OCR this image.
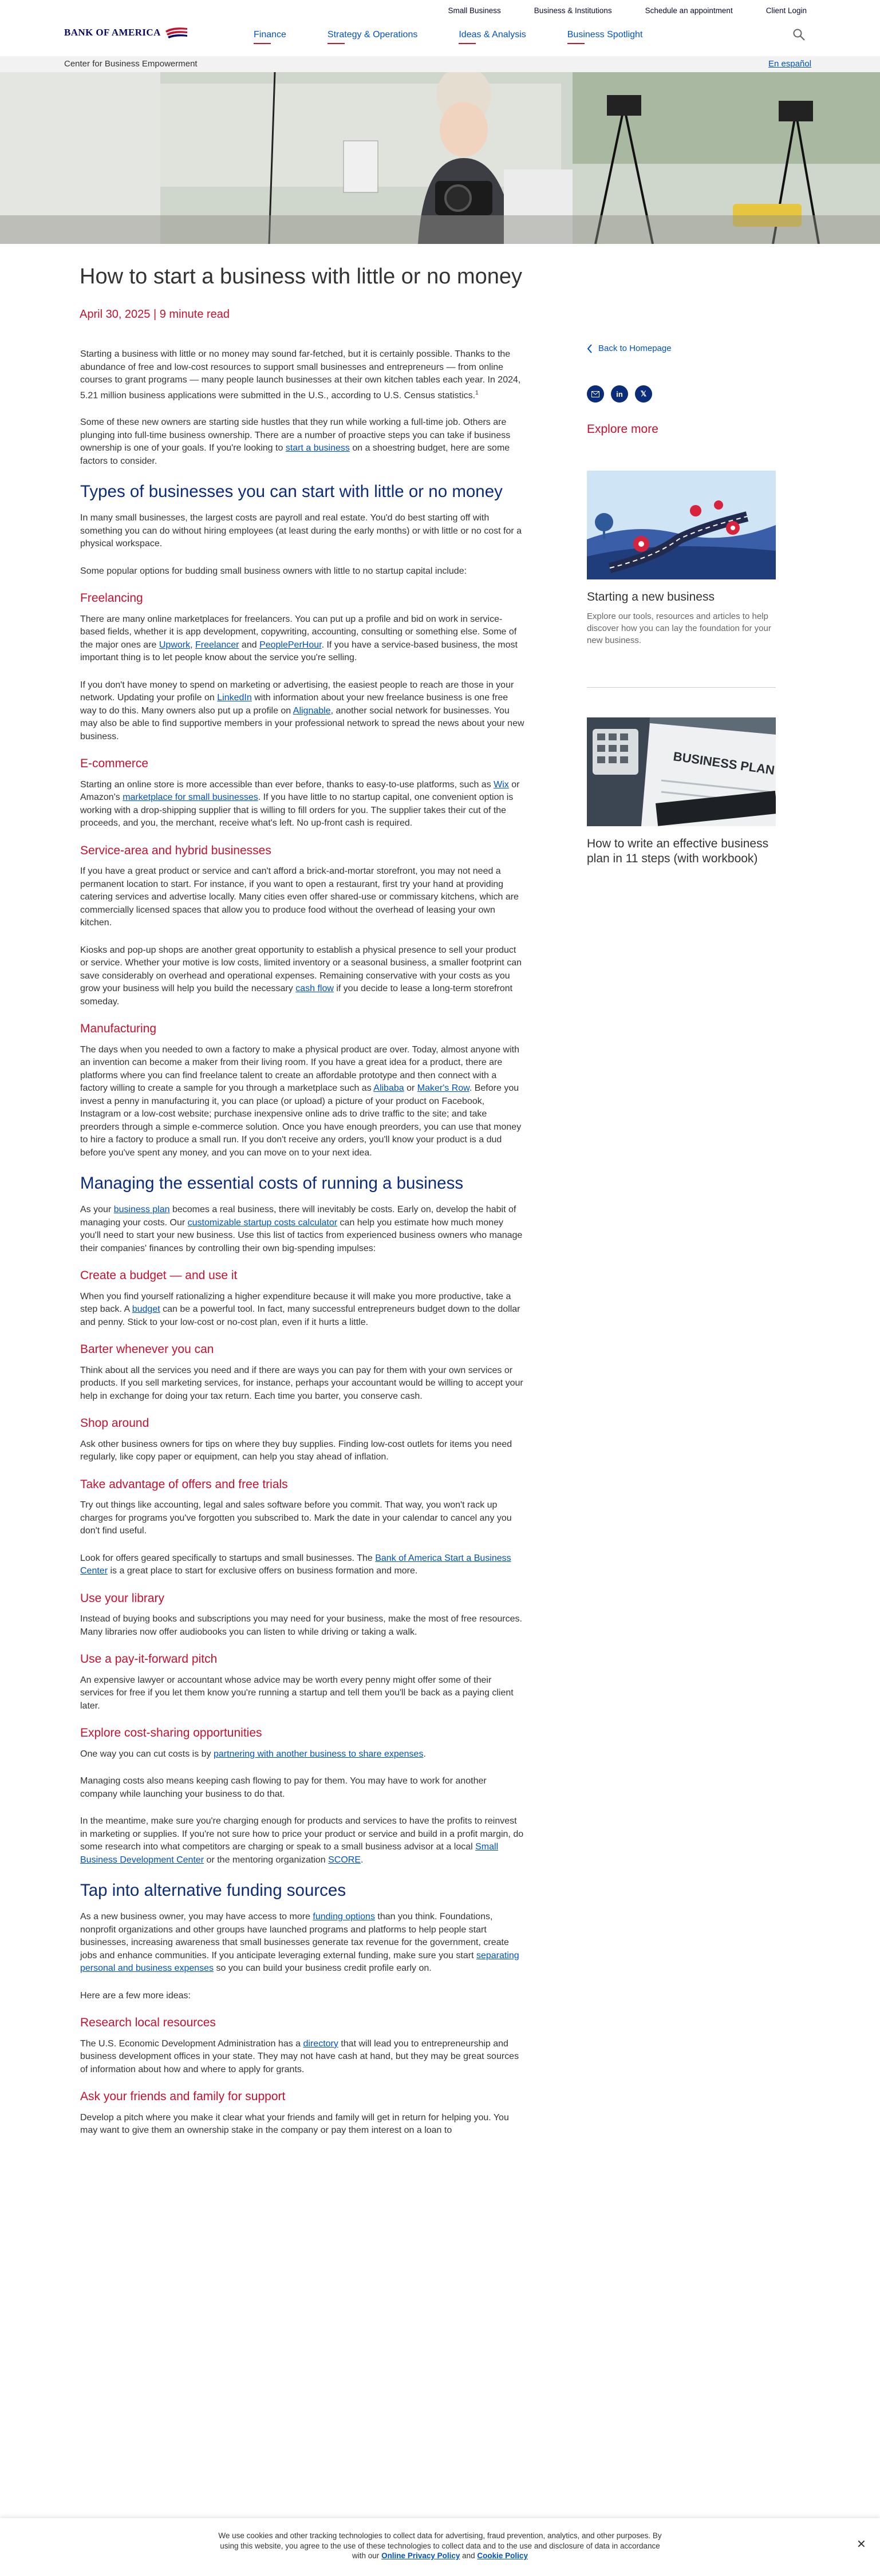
Small Business	Business & Institutions	Schedule an appointment	Client Login
BANK OF AMERICA	Finance	Strategy & Operations	Ideas & Analysis	Business Spotlight
Center for Business Empowerment	En español
How to start a business with little or no money
April 30, 2025 | 9 minute read

Starting a business with little or no money may sound far-fetched, but it is certainly possible. Thanks to the abundance of free and low-cost resources to support small businesses and entrepreneurs — from online courses to grant programs — many people launch businesses at their own kitchen tables each year. In 2024, 5.21 million business applications were submitted in the U.S., according to U.S. Census statistics.$^1$

Some of these new owners are starting side hustles that they run while working a full-time job. Others are plunging into full-time business ownership. There are a number of proactive steps you can take if business ownership is one of your goals. If you're looking to start a business on a shoestring budget, here are some factors to consider.

Types of businesses you can start with little or no money

In many small businesses, the largest costs are payroll and real estate. You'd do best starting off with something you can do without hiring employees (at least during the early months) or with little or no cost for a physical workspace.

Some popular options for budding small business owners with little to no startup capital include:

Freelancing

There are many online marketplaces for freelancers. You can put up a profile and bid on work in service-based fields, whether it is app development, copywriting, accounting, consulting or something else. Some of the major ones are Upwork, Freelancer and PeoplePerHour. If you have a service-based business, the most important thing is to let people know about the service you're selling.

If you don't have money to spend on marketing or advertising, the easiest people to reach are those in your network. Updating your profile on LinkedIn with information about your new freelance business is one free way to do this. Many owners also put up a profile on Alignable, another social network for businesses. You may also be able to find supportive members in your professional network to spread the news about your new business.

E-commerce

Starting an online store is more accessible than ever before, thanks to easy-to-use platforms, such as Wix or Amazon's marketplace for small businesses. If you have little to no startup capital, one convenient option is working with a drop-shipping supplier that is willing to fill orders for you. The supplier takes their cut of the proceeds, and you, the merchant, receive what's left. No up-front cash is required.

Service-area and hybrid businesses

If you have a great product or service and can't afford a brick-and-mortar storefront, you may not need a permanent location to start. For instance, if you want to open a restaurant, first try your hand at providing catering services and advertise locally. Many cities even offer shared-use or commissary kitchens, which are commercially licensed spaces that allow you to produce food without the overhead of leasing your own kitchen.

Kiosks and pop-up shops are another great opportunity to establish a physical presence to sell your product or service. Whether your motive is low costs, limited inventory or a seasonal business, a smaller footprint can save considerably on overhead and operational expenses. Remaining conservative with your costs as you grow your business will help you build the necessary cash flow if you decide to lease a long-term storefront someday.

Manufacturing

The days when you needed to own a factory to make a physical product are over. Today, almost anyone with an invention can become a maker from their living room. If you have a great idea for a product, there are platforms where you can find freelance talent to create an affordable prototype and then connect with a factory willing to create a sample for you through a marketplace such as Alibaba or Maker's Row. Before you invest a penny in manufacturing it, you can place (or upload) a picture of your product on Facebook, Instagram or a low-cost website; purchase inexpensive online ads to drive traffic to the site; and take preorders through a simple e-commerce solution. Once you have enough preorders, you can use that money to hire a factory to produce a small run. If you don't receive any orders, you'll know your product is a dud before you've spent any money, and you can move on to your next idea.

Managing the essential costs of running a business

As your business plan becomes a real business, there will inevitably be costs. Early on, develop the habit of managing your costs. Our customizable startup costs calculator can help you estimate how much money you'll need to start your new business. Use this list of tactics from experienced business owners who manage their companies' finances by controlling their own big-spending impulses:

Create a budget — and use it

When you find yourself rationalizing a higher expenditure because it will make you more productive, take a step back. A budget can be a powerful tool. In fact, many successful entrepreneurs budget down to the dollar and penny. Stick to your low-cost or no-cost plan, even if it hurts a little.

Barter whenever you can

Think about all the services you need and if there are ways you can pay for them with your own services or products. If you sell marketing services, for instance, perhaps your accountant would be willing to accept your help in exchange for doing your tax return. Each time you barter, you conserve cash.

Shop around

Ask other business owners for tips on where they buy supplies. Finding low-cost outlets for items you need regularly, like copy paper or equipment, can help you stay ahead of inflation.

Take advantage of offers and free trials

Try out things like accounting, legal and sales software before you commit. That way, you won't rack up charges for programs you've forgotten you subscribed to. Mark the date in your calendar to cancel any you don't find useful.

Look for offers geared specifically to startups and small businesses. The Bank of America Start a Business Center is a great place to start for exclusive offers on business formation and more.

Use your library

Instead of buying books and subscriptions you may need for your business, make the most of free resources. Many libraries now offer audiobooks you can listen to while driving or taking a walk.

Use a pay-it-forward pitch

An expensive lawyer or accountant whose advice may be worth every penny might offer some of their services for free if you let them know you're running a startup and tell them you'll be back as a paying client later.

Explore cost-sharing opportunities

One way you can cut costs is by partnering with another business to share expenses.

Managing costs also means keeping cash flowing to pay for them. You may have to work for another company while launching your business to do that.

In the meantime, make sure you're charging enough for products and services to have the profits to reinvest in marketing or supplies. If you're not sure how to price your product or service and build in a profit margin, do some research into what competitors are charging or speak to a small business advisor at a local Small Business Development Center or the mentoring organization SCORE.

Tap into alternative funding sources

As a new business owner, you may have access to more funding options than you think. Foundations, nonprofit organizations and other groups have launched programs and platforms to help people start businesses, increasing awareness that small businesses generate tax revenue for the government, create jobs and enhance communities. If you anticipate leveraging external funding, make sure you start separating personal and business expenses so you can build your business credit profile early on.

Here are a few more ideas:

Research local resources

The U.S. Economic Development Administration has a directory that will lead you to entrepreneurship and business development offices in your state. They may not have cash at hand, but they may be great sources of information about how and where to apply for grants.

Ask your friends and family for support

Develop a pitch where you make it clear what your friends and family will get in return for helping you. You may want to give them an ownership stake in the company or pay them interest on a loan to

Back to Homepage
in	𝕏
Explore more
Starting a new business
Explore our tools, resources and articles to help discover how you can lay the foundation for your new business.
BUSINESS PLAN
How to write an effective business plan in 11 steps (with workbook)
We use cookies and other tracking technologies to collect data for advertising, fraud prevention, analytics, and other purposes. By using this website, you agree to the use of these technologies to collect data and to the use and disclosure of data in accordance with our Online Privacy Policy and Cookie Policy
✕
